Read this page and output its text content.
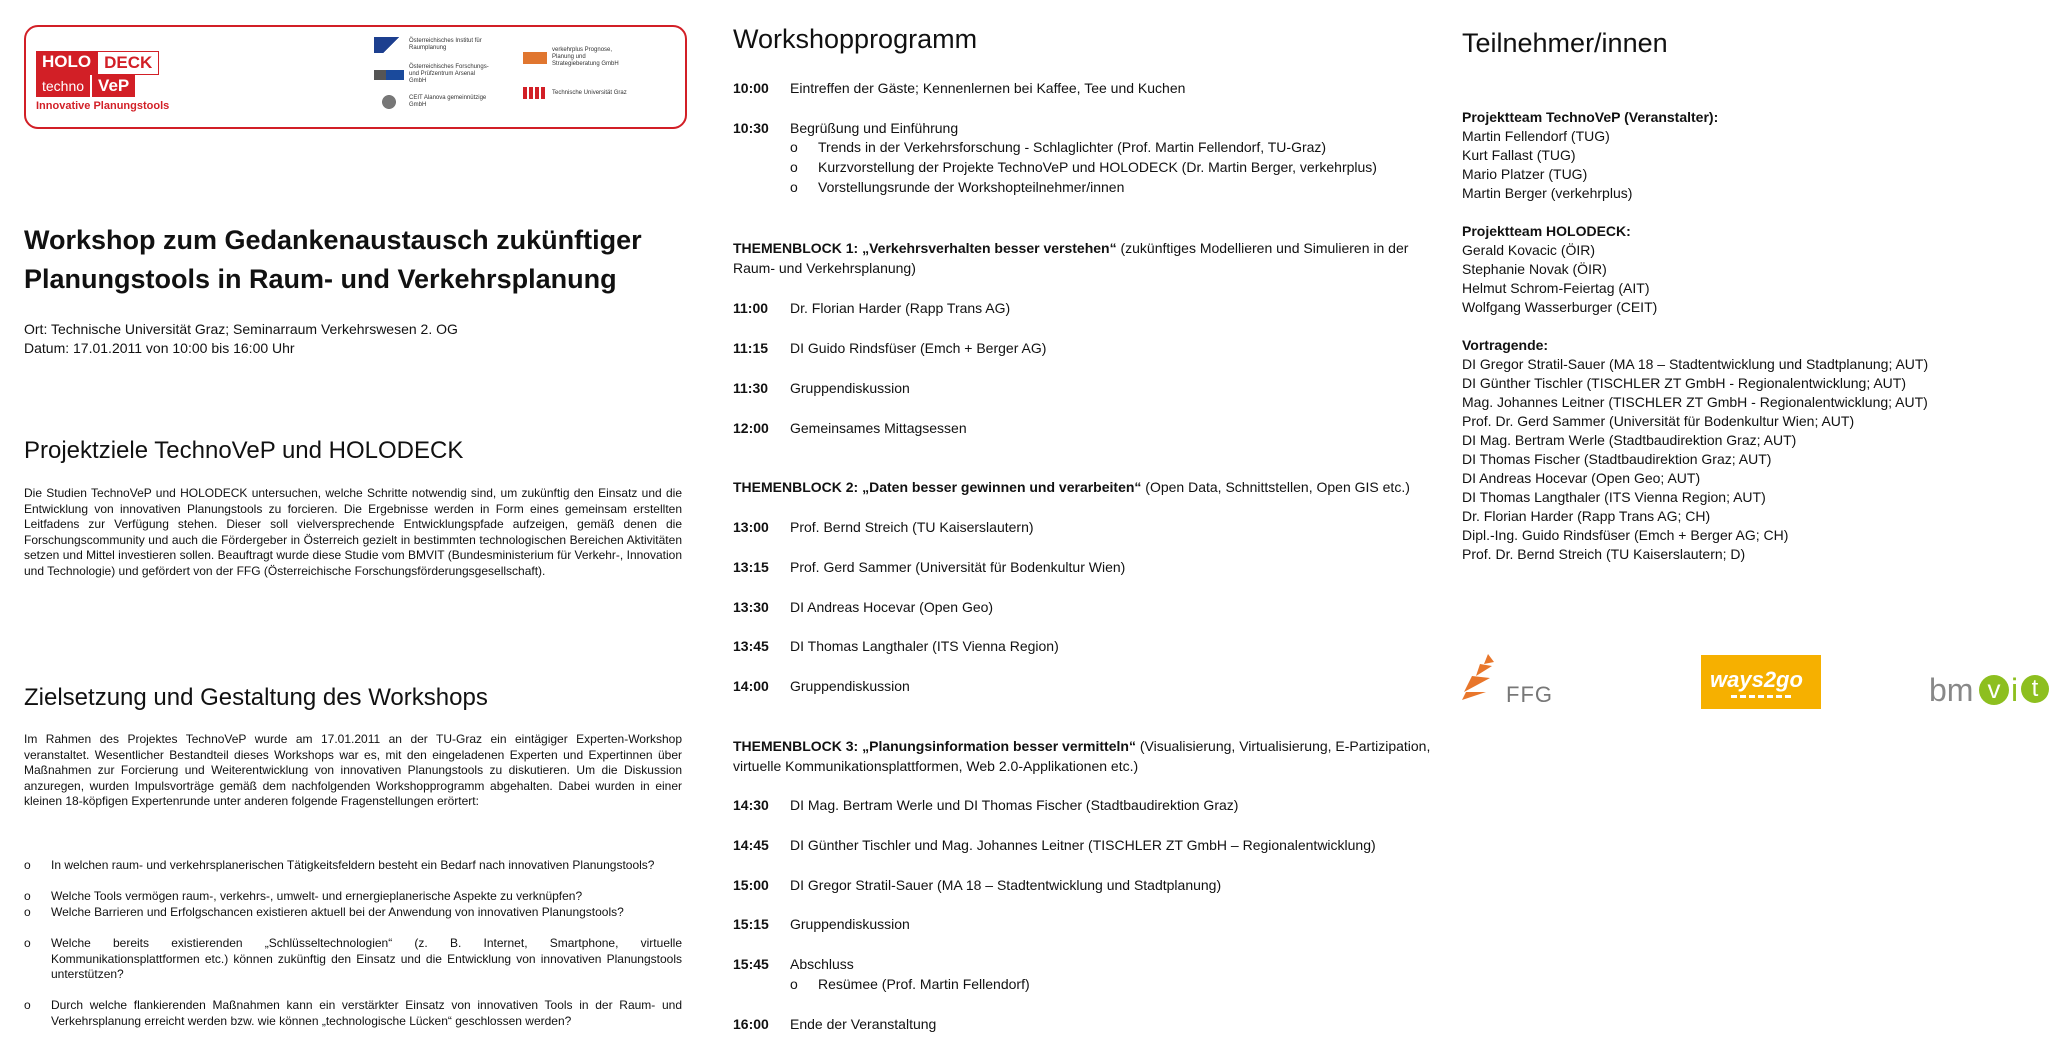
HOLO DECK
techno VeP
Innovative Planungstools
Österreichisches Institut für Raumplanung
Österreichisches Forschungs- und Prüfzentrum Arsenal GmbH
CEIT Alanova gemeinnützige GmbH
verkehrplus Prognose, Planung und Strategieberatung GmbH
Technische Universität Graz
Workshop zum Gedankenaustausch zukünftiger
Planungstools in Raum- und Verkehrsplanung
Ort: Technische Universität Graz; Seminarraum Verkehrswesen 2. OG
Datum: 17.01.2011 von 10:00 bis 16:00 Uhr
Projektziele TechnoVeP und HOLODECK
Die Studien TechnoVeP und HOLODECK untersuchen, welche Schritte notwendig sind, um zukünftig den Einsatz und die Entwicklung von innovativen Planungstools zu forcieren. Die Ergebnisse werden in Form eines gemeinsam erstellten Leitfadens zur Verfügung stehen. Dieser soll vielversprechende Entwicklungspfade aufzeigen, gemäß denen die Forschungscommunity und auch die Fördergeber in Österreich gezielt in bestimmten technologischen Bereichen Aktivitäten setzen und Mittel investieren sollen. Beauftragt wurde diese Studie vom BMVIT (Bundesministerium für Verkehr-, Innovation und Technologie) und gefördert von der FFG (Österreichische Forschungsförderungsgesellschaft).
Zielsetzung und Gestaltung des Workshops
Im Rahmen des Projektes TechnoVeP wurde am 17.01.2011 an der TU-Graz ein eintägiger Experten-Workshop veranstaltet. Wesentlicher Bestandteil dieses Workshops war es, mit den eingeladenen Experten und Expertinnen über Maßnahmen zur Forcierung und Weiterentwicklung von innovativen Planungstools zu diskutieren. Um die Diskussion anzuregen, wurden Impulsvorträge gemäß dem nachfolgenden Workshopprogramm abgehalten. Dabei wurden in einer kleinen 18-köpfigen Expertenrunde unter anderen folgende Fragenstellungen erörtert:
o In welchen raum- und verkehrsplanerischen Tätigkeitsfeldern besteht ein Bedarf nach innovativen Planungstools?
o Welche Tools vermögen raum-, verkehrs-, umwelt- und ernergieplanerische Aspekte zu verknüpfen?
o Welche Barrieren und Erfolgschancen existieren aktuell bei der Anwendung von innovativen Planungstools?
o Welche bereits existierenden „Schlüsseltechnologien“ (z. B. Internet, Smartphone, virtuelle Kommunikationsplattformen etc.) können zukünftig den Einsatz und die Entwicklung von innovativen Planungstools unterstützen?
o Durch welche flankierenden Maßnahmen kann ein verstärkter Einsatz von innovativen Tools in der Raum- und Verkehrsplanung erreicht werden bzw. wie können „technologische Lücken“ geschlossen werden?
Workshopprogramm
10:00 Eintreffen der Gäste; Kennenlernen bei Kaffee, Tee und Kuchen
10:30 Begrüßung und Einführung
o Trends in der Verkehrsforschung - Schlaglichter (Prof. Martin Fellendorf, TU-Graz)
o Kurzvorstellung der Projekte TechnoVeP und HOLODECK (Dr. Martin Berger, verkehrplus)
o Vorstellungsrunde der Workshopteilnehmer/innen
THEMENBLOCK 1: „Verkehrsverhalten besser verstehen“ (zukünftiges Modellieren und Simulieren in der Raum- und Verkehrsplanung)
11:00 Dr. Florian Harder (Rapp Trans AG)
11:15 DI Guido Rindsfüser (Emch + Berger AG)
11:30 Gruppendiskussion
12:00 Gemeinsames Mittagsessen
THEMENBLOCK 2: „Daten besser gewinnen und verarbeiten“ (Open Data, Schnittstellen, Open GIS etc.)
13:00 Prof. Bernd Streich (TU Kaiserslautern)
13:15 Prof. Gerd Sammer (Universität für Bodenkultur Wien)
13:30 DI Andreas Hocevar (Open Geo)
13:45 DI Thomas Langthaler (ITS Vienna Region)
14:00 Gruppendiskussion
THEMENBLOCK 3: „Planungsinformation besser vermitteln“ (Visualisierung, Virtualisierung, E-Partizipation, virtuelle Kommunikationsplattformen, Web 2.0-Applikationen etc.)
14:30 DI Mag. Bertram Werle und DI Thomas Fischer (Stadtbaudirektion Graz)
14:45 DI Günther Tischler und Mag. Johannes Leitner (TISCHLER ZT GmbH – Regionalentwicklung)
15:00 DI Gregor Stratil-Sauer (MA 18 – Stadtentwicklung und Stadtplanung)
15:15 Gruppendiskussion
15:45 Abschluss
o Resümee (Prof. Martin Fellendorf)
16:00 Ende der Veranstaltung
Teilnehmer/innen
Projektteam TechnoVeP (Veranstalter):
Martin Fellendorf (TUG)
Kurt Fallast (TUG)
Mario Platzer (TUG)
Martin Berger (verkehrplus)
Projektteam HOLODECK:
Gerald Kovacic (ÖIR)
Stephanie Novak (ÖIR)
Helmut Schrom-Feiertag (AIT)
Wolfgang Wasserburger (CEIT)
Vortragende:
DI Gregor Stratil-Sauer (MA 18 – Stadtentwicklung und Stadtplanung; AUT)
DI Günther Tischler (TISCHLER ZT GmbH - Regionalentwicklung; AUT)
Mag. Johannes Leitner (TISCHLER ZT GmbH - Regionalentwicklung; AUT)
Prof. Dr. Gerd Sammer (Universität für Bodenkultur Wien; AUT)
DI Mag. Bertram Werle (Stadtbaudirektion Graz; AUT)
DI Thomas Fischer (Stadtbaudirektion Graz; AUT)
DI Andreas Hocevar (Open Geo; AUT)
DI Thomas Langthaler (ITS Vienna Region; AUT)
Dr. Florian Harder (Rapp Trans AG; CH)
Dipl.-Ing. Guido Rindsfüser (Emch + Berger AG; CH)
Prof. Dr. Bernd Streich (TU Kaiserslautern; D)
FFG
ways2go	bm v i t
